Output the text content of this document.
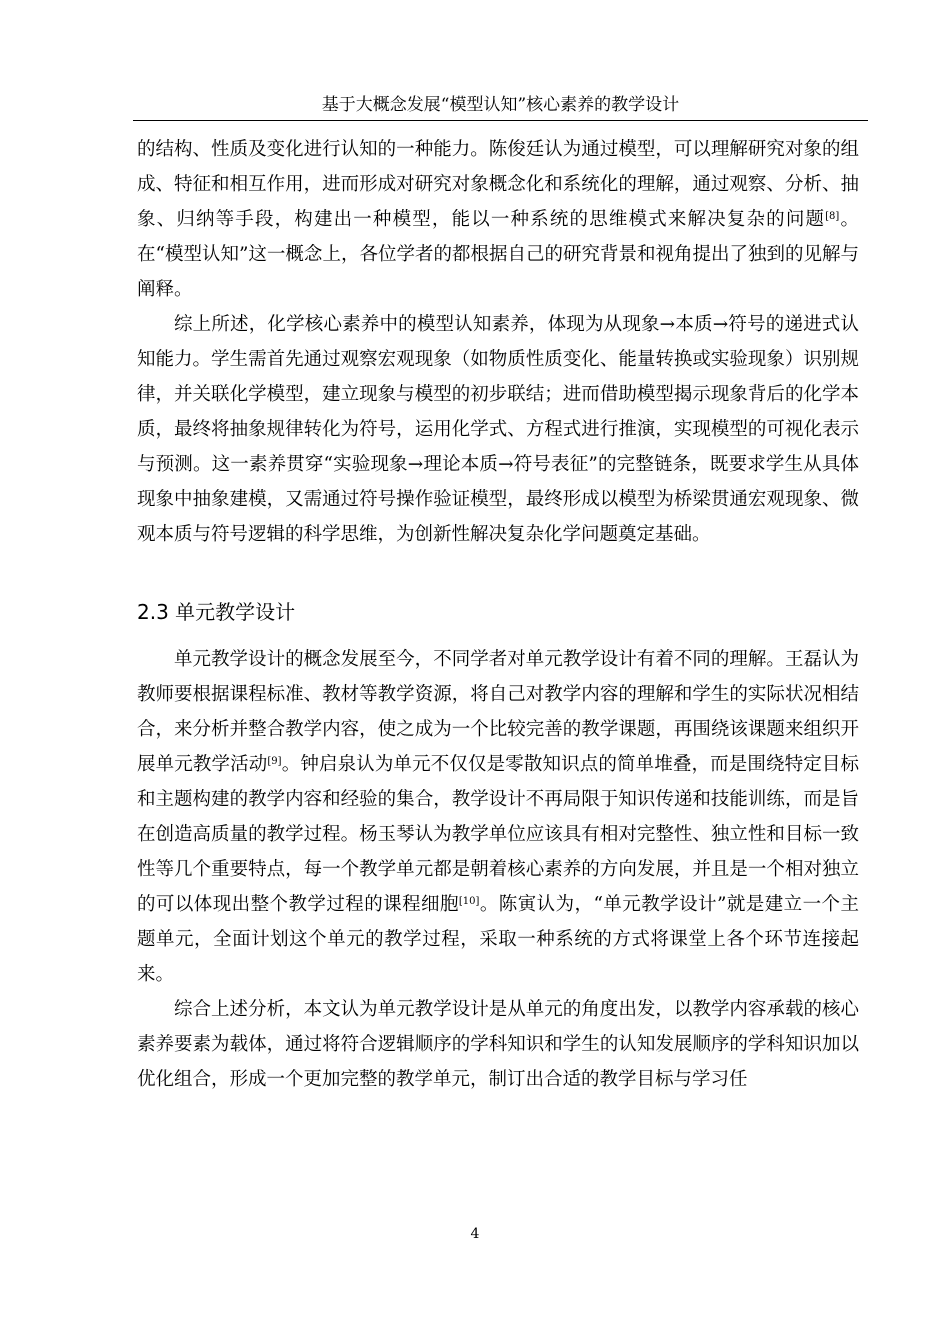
基于大概念发展“模型认知”核心素养的教学设计

的结构、性质及变化进行认知的一种能力。陈俊廷认为通过模型，可以理解研究对象的组成、特征和相互作用，进而形成对研究对象概念化和系统化的理解，通过观察、分析、抽象、归纳等手段，构建出一种模型，能以一种系统的思维模式来解决复杂的问题[8]。在“模型认知”这一概念上，各位学者的都根据自己的研究背景和视角提出了独到的见解与阐释。

综上所述，化学核心素养中的模型认知素养，体现为从现象→本质→符号的递进式认知能力。学生需首先通过观察宏观现象（如物质性质变化、能量转换或实验现象）识别规律，并关联化学模型，建立现象与模型的初步联结；进而借助模型揭示现象背后的化学本质，最终将抽象规律转化为符号，运用化学式、方程式进行推演，实现模型的可视化表示与预测。这一素养贯穿“实验现象→理论本质→符号表征”的完整链条，既要求学生从具体现象中抽象建模，又需通过符号操作验证模型，最终形成以模型为桥梁贯通宏观现象、微观本质与符号逻辑的科学思维，为创新性解决复杂化学问题奠定基础。

2.3 单元教学设计

单元教学设计的概念发展至今，不同学者对单元教学设计有着不同的理解。王磊认为教师要根据课程标准、教材等教学资源，将自己对教学内容的理解和学生的实际状况相结合，来分析并整合教学内容，使之成为一个比较完善的教学课题，再围绕该课题来组织开展单元教学活动[9]。钟启泉认为单元不仅仅是零散知识点的简单堆叠，而是围绕特定目标和主题构建的教学内容和经验的集合，教学设计不再局限于知识传递和技能训练，而是旨在创造高质量的教学过程。杨玉琴认为教学单位应该具有相对完整性、独立性和目标一致性等几个重要特点，每一个教学单元都是朝着核心素养的方向发展，并且是一个相对独立的可以体现出整个教学过程的课程细胞[10]。陈寅认为，“单元教学设计”就是建立一个主题单元，全面计划这个单元的教学过程，采取一种系统的方式将课堂上各个环节连接起来。

综合上述分析，本文认为单元教学设计是从单元的角度出发，以教学内容承载的核心素养要素为载体，通过将符合逻辑顺序的学科知识和学生的认知发展顺序的学科知识加以优化组合，形成一个更加完整的教学单元，制订出合适的教学目标与学习任

4
